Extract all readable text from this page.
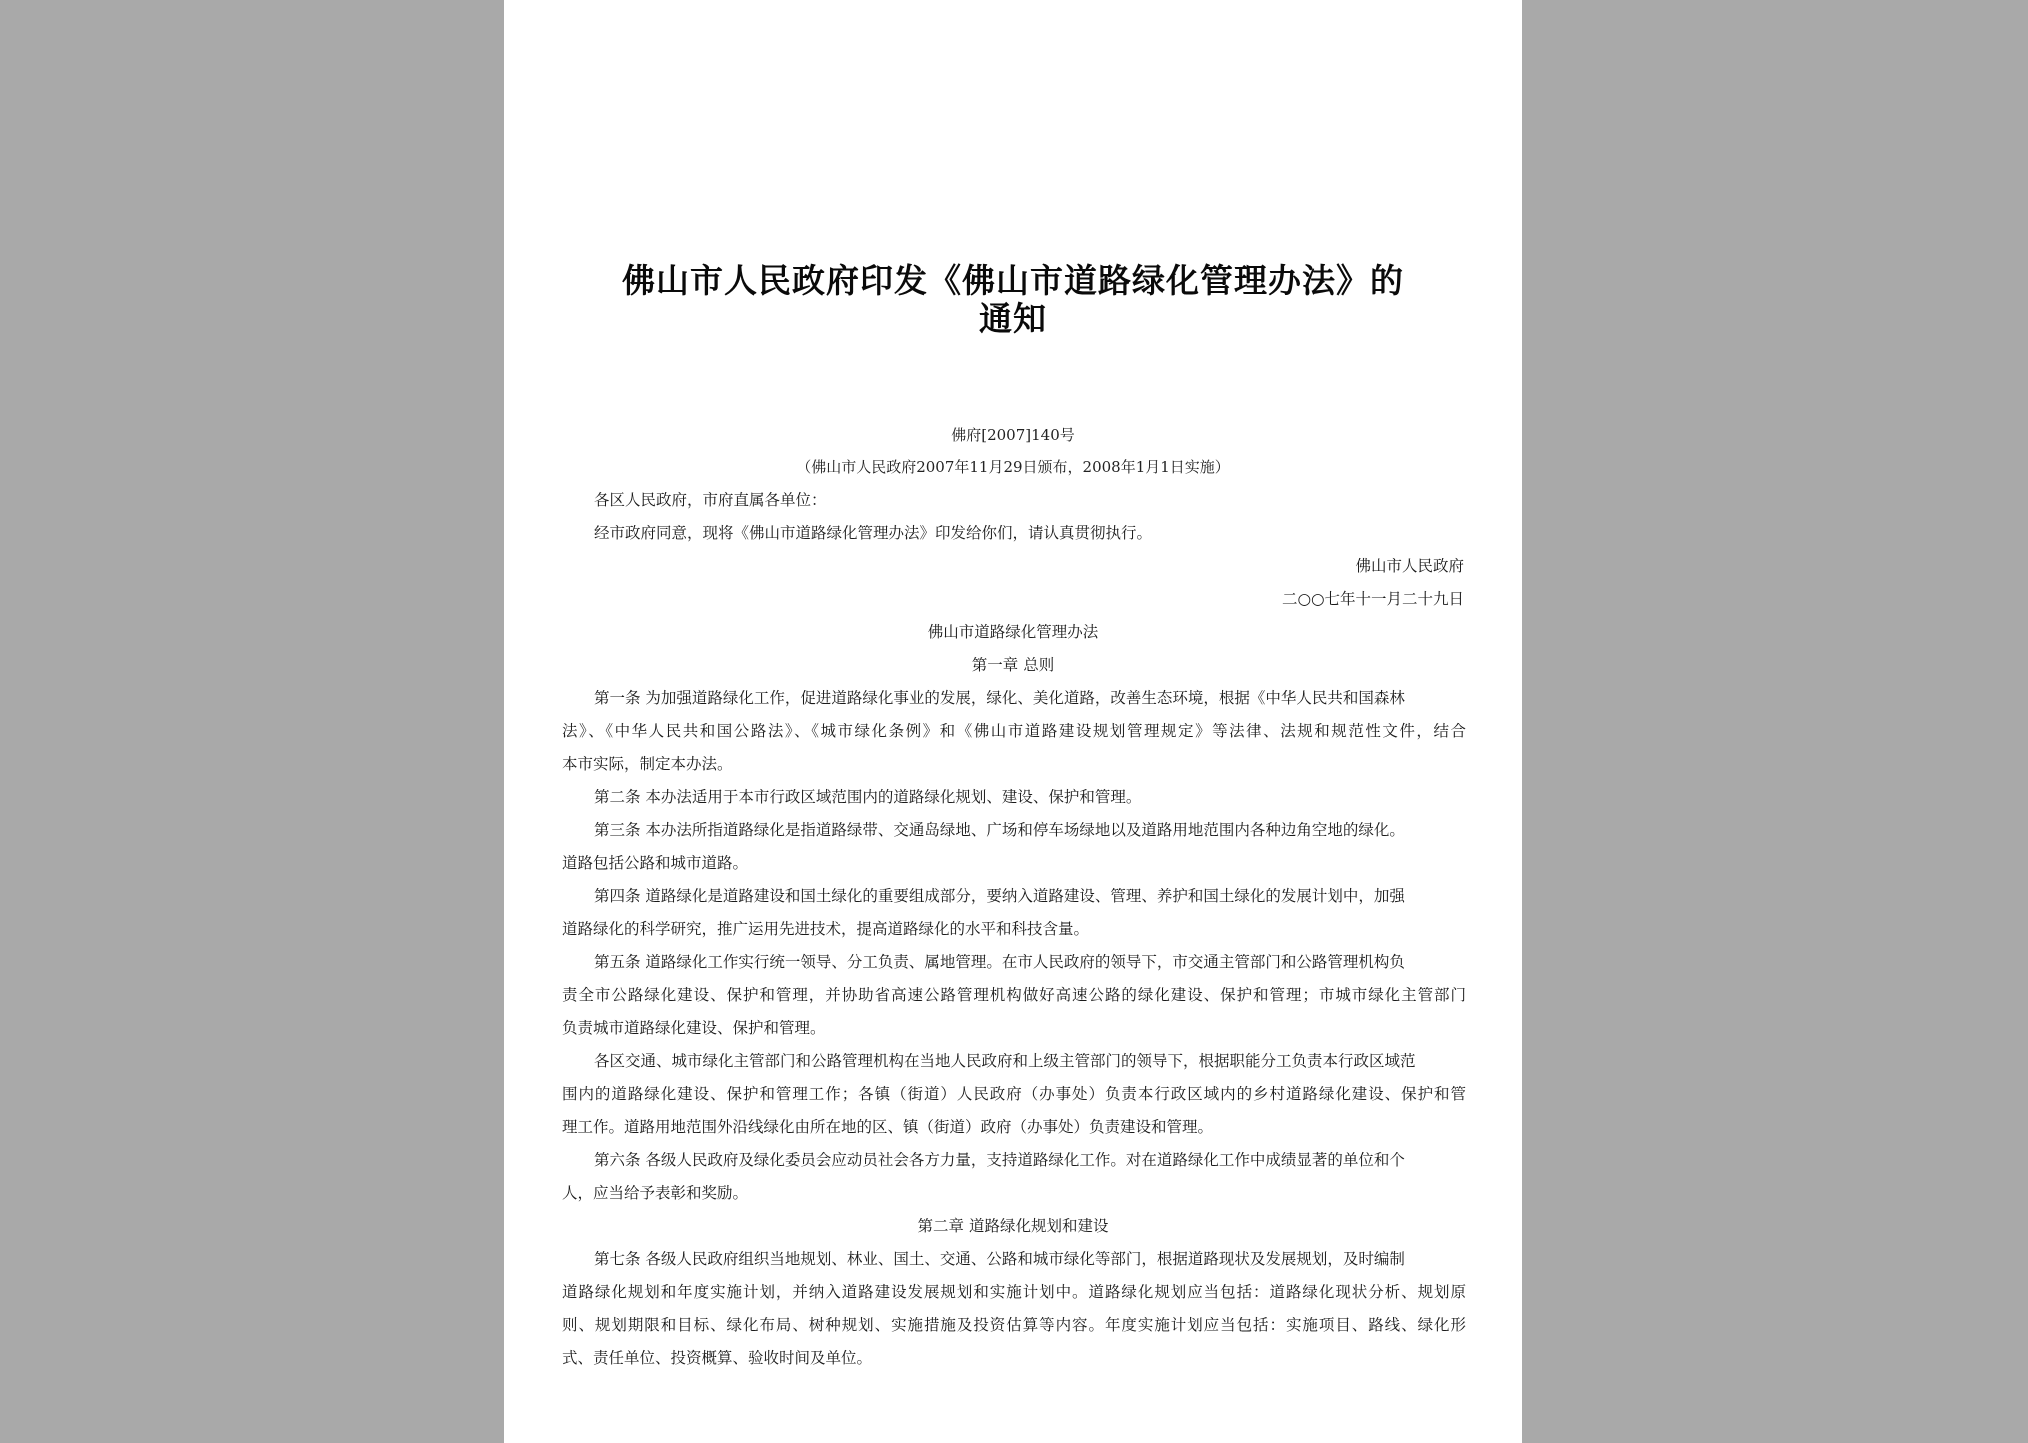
佛山市人民政府印发《佛山市道路绿化管理办法》的
通知
佛府[2007]140号
（佛山市人民政府2007年11月29日颁布，2008年1月1日实施）
各区人民政府，市府直属各单位：
经市政府同意，现将《佛山市道路绿化管理办法》印发给你们，请认真贯彻执行。
佛山市人民政府
二○○七年十一月二十九日
佛山市道路绿化管理办法
第一章 总则
第一条 为加强道路绿化工作，促进道路绿化事业的发展，绿化、美化道路，改善生态环境，根据《中华人民共和国森林
法》、《中华人民共和国公路法》、《城市绿化条例》和《佛山市道路建设规划管理规定》等法律、法规和规范性文件，结合
本市实际，制定本办法。
第二条 本办法适用于本市行政区域范围内的道路绿化规划、建设、保护和管理。
第三条 本办法所指道路绿化是指道路绿带、交通岛绿地、广场和停车场绿地以及道路用地范围内各种边角空地的绿化。
道路包括公路和城市道路。
第四条 道路绿化是道路建设和国土绿化的重要组成部分，要纳入道路建设、管理、养护和国土绿化的发展计划中，加强
道路绿化的科学研究，推广运用先进技术，提高道路绿化的水平和科技含量。
第五条 道路绿化工作实行统一领导、分工负责、属地管理。在市人民政府的领导下，市交通主管部门和公路管理机构负
责全市公路绿化建设、保护和管理，并协助省高速公路管理机构做好高速公路的绿化建设、保护和管理；市城市绿化主管部门
负责城市道路绿化建设、保护和管理。
各区交通、城市绿化主管部门和公路管理机构在当地人民政府和上级主管部门的领导下，根据职能分工负责本行政区域范
围内的道路绿化建设、保护和管理工作；各镇（街道）人民政府（办事处）负责本行政区域内的乡村道路绿化建设、保护和管
理工作。道路用地范围外沿线绿化由所在地的区、镇（街道）政府（办事处）负责建设和管理。
第六条 各级人民政府及绿化委员会应动员社会各方力量，支持道路绿化工作。对在道路绿化工作中成绩显著的单位和个
人，应当给予表彰和奖励。
第二章 道路绿化规划和建设
第七条 各级人民政府组织当地规划、林业、国土、交通、公路和城市绿化等部门，根据道路现状及发展规划，及时编制
道路绿化规划和年度实施计划，并纳入道路建设发展规划和实施计划中。道路绿化规划应当包括：道路绿化现状分析、规划原
则、规划期限和目标、绿化布局、树种规划、实施措施及投资估算等内容。年度实施计划应当包括：实施项目、路线、绿化形
式、责任单位、投资概算、验收时间及单位。
